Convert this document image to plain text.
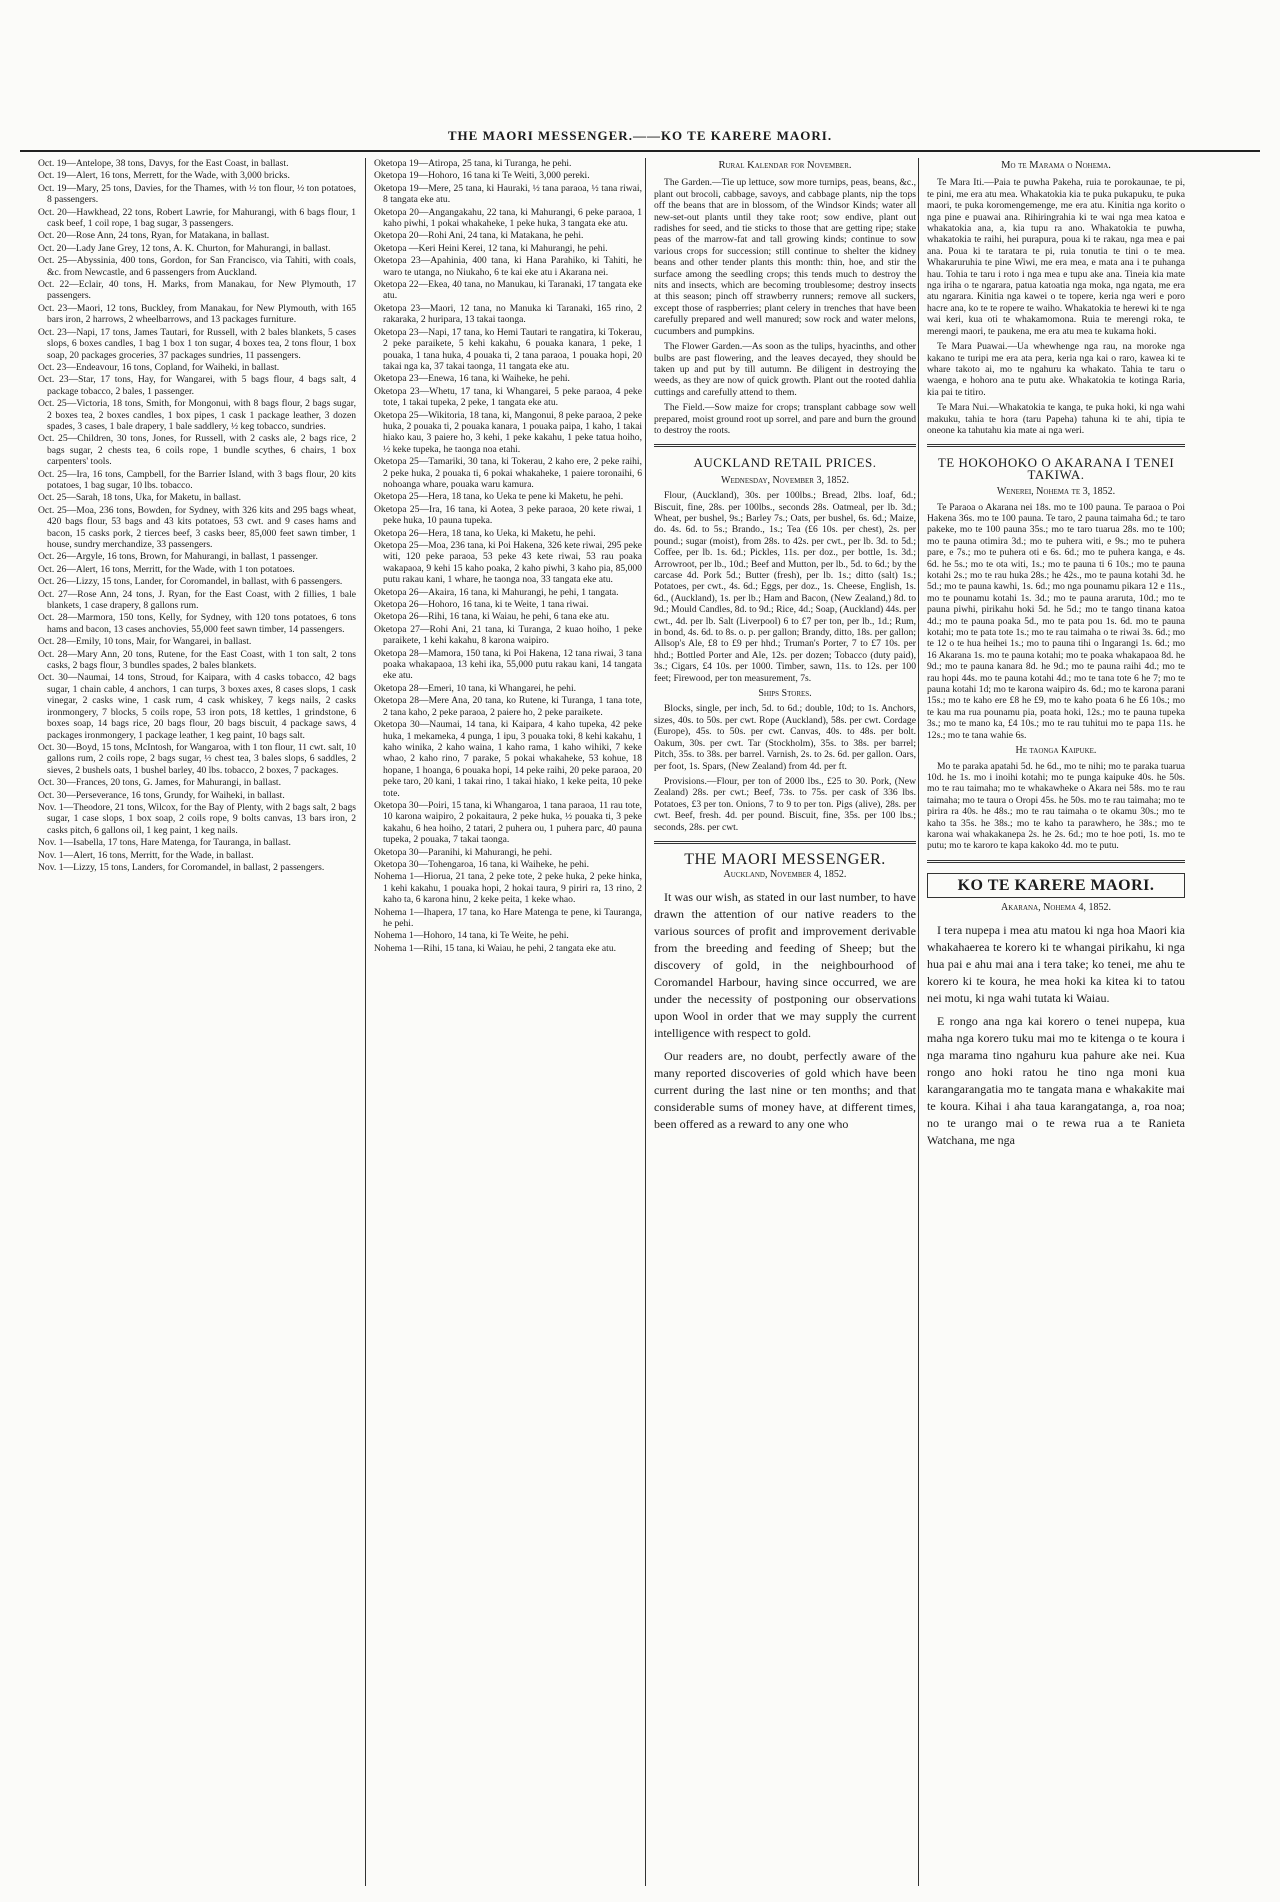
THE MAORI MESSENGER.——KO TE KARERE MAORI.

Oct. 19—Antelope, 38 tons, Davys, for the East Coast, in ballast.

Oct. 19—Alert, 16 tons, Merrett, for the Wade, with 3,000 bricks.

Oct. 19—Mary, 25 tons, Davies, for the Thames, with ½ ton flour, ½ ton potatoes, 8 passengers.

Oct. 20—Hawkhead, 22 tons, Robert Lawrie, for Mahurangi, with 6 bags flour, 1 cask beef, 1 coil rope, 1 bag sugar, 3 passengers.

Oct. 20—Rose Ann, 24 tons, Ryan, for Matakana, in ballast.

Oct. 20—Lady Jane Grey, 12 tons, A. K. Churton, for Mahurangi, in ballast.

Oct. 25—Abyssinia, 400 tons, Gordon, for San Francisco, via Tahiti, with coals, &c. from Newcastle, and 6 passengers from Auckland.

Oct. 22—Eclair, 40 tons, H. Marks, from Manakau, for New Plymouth, 17 passengers.

Oct. 23—Maori, 12 tons, Buckley, from Manakau, for New Plymouth, with 165 bars iron, 2 harrows, 2 wheelbarrows, and 13 packages furniture.

Oct. 23—Napi, 17 tons, James Tautari, for Russell, with 2 bales blankets, 5 cases slops, 6 boxes candles, 1 bag 1 box 1 ton sugar, 4 boxes tea, 2 tons flour, 1 box soap, 20 packages groceries, 37 packages sundries, 11 passengers.

Oct. 23—Endeavour, 16 tons, Copland, for Waiheki, in ballast.

Oct. 23—Star, 17 tons, Hay, for Wangarei, with 5 bags flour, 4 bags salt, 4 package tobacco, 2 bales, 1 passenger.

Oct. 25—Victoria, 18 tons, Smith, for Mongonui, with 8 bags flour, 2 bags sugar, 2 boxes tea, 2 boxes candles, 1 box pipes, 1 cask 1 package leather, 3 dozen spades, 3 cases, 1 bale drapery, 1 bale saddlery, ½ keg tobacco, sundries.

Oct. 25—Children, 30 tons, Jones, for Russell, with 2 casks ale, 2 bags rice, 2 bags sugar, 2 chests tea, 6 coils rope, 1 bundle scythes, 6 chairs, 1 box carpenters' tools.

Oct. 25—Ira, 16 tons, Campbell, for the Barrier Island, with 3 bags flour, 20 kits potatoes, 1 bag sugar, 10 lbs. tobacco.

Oct. 25—Sarah, 18 tons, Uka, for Maketu, in ballast.

Oct. 25—Moa, 236 tons, Bowden, for Sydney, with 326 kits and 295 bags wheat, 420 bags flour, 53 bags and 43 kits potatoes, 53 cwt. and 9 cases hams and bacon, 15 casks pork, 2 tierces beef, 3 casks beer, 85,000 feet sawn timber, 1 house, sundry merchandize, 33 passengers.

Oct. 26—Argyle, 16 tons, Brown, for Mahurangi, in ballast, 1 passenger.

Oct. 26—Alert, 16 tons, Merritt, for the Wade, with 1 ton potatoes.

Oct. 26—Lizzy, 15 tons, Lander, for Coromandel, in ballast, with 6 passengers.

Oct. 27—Rose Ann, 24 tons, J. Ryan, for the East Coast, with 2 fillies, 1 bale blankets, 1 case drapery, 8 gallons rum.

Oct. 28—Marmora, 150 tons, Kelly, for Sydney, with 120 tons potatoes, 6 tons hams and bacon, 13 cases anchovies, 55,000 feet sawn timber, 14 passengers.

Oct. 28—Emily, 10 tons, Mair, for Wangarei, in ballast.

Oct. 28—Mary Ann, 20 tons, Rutene, for the East Coast, with 1 ton salt, 2 tons casks, 2 bags flour, 3 bundles spades, 2 bales blankets.

Oct. 30—Naumai, 14 tons, Stroud, for Kaipara, with 4 casks tobacco, 42 bags sugar, 1 chain cable, 4 anchors, 1 can turps, 3 boxes axes, 8 cases slops, 1 cask vinegar, 2 casks wine, 1 cask rum, 4 cask whiskey, 7 kegs nails, 2 casks ironmongery, 7 blocks, 5 coils rope, 53 iron pots, 18 kettles, 1 grindstone, 6 boxes soap, 14 bags rice, 20 bags flour, 20 bags biscuit, 4 package saws, 4 packages ironmongery, 1 package leather, 1 keg paint, 10 bags salt.

Oct. 30—Boyd, 15 tons, McIntosh, for Wangaroa, with 1 ton flour, 11 cwt. salt, 10 gallons rum, 2 coils rope, 2 bags sugar, ½ chest tea, 3 bales slops, 6 saddles, 2 sieves, 2 bushels oats, 1 bushel barley, 40 lbs. tobacco, 2 boxes, 7 packages.

Oct. 30—Frances, 20 tons, G. James, for Mahurangi, in ballast.

Oct. 30—Perseverance, 16 tons, Grundy, for Waiheki, in ballast.

Nov. 1—Theodore, 21 tons, Wilcox, for the Bay of Plenty, with 2 bags salt, 2 bags sugar, 1 case slops, 1 box soap, 2 coils rope, 9 bolts canvas, 13 bars iron, 2 casks pitch, 6 gallons oil, 1 keg paint, 1 keg nails.

Nov. 1—Isabella, 17 tons, Hare Matenga, for Tauranga, in ballast.

Nov. 1—Alert, 16 tons, Merritt, for the Wade, in ballast.

Nov. 1—Lizzy, 15 tons, Landers, for Coromandel, in ballast, 2 passengers.

Oketopa 19—Atiropa, 25 tana, ki Turanga, he pehi.

Oketopa 19—Hohoro, 16 tana ki Te Weiti, 3,000 pereki.

Oketopa 19—Mere, 25 tana, ki Hauraki, ½ tana paraoa, ½ tana riwai, 8 tangata eke atu.

Oketopa 20—Angangakahu, 22 tana, ki Mahurangi, 6 peke paraoa, 1 kaho piwhi, 1 pokai whakaheke, 1 peke huka, 3 tangata eke atu.

Oketopa 20—Rohi Ani, 24 tana, ki Matakana, he pehi.

Oketopa —Keri Heini Kerei, 12 tana, ki Mahurangi, he pehi.

Oketopa 23—Apahinia, 400 tana, ki Hana Parahiko, ki Tahiti, he waro te utanga, no Niukaho, 6 te kai eke atu i Akarana nei.

Oketopa 22—Ekea, 40 tana, no Manukau, ki Taranaki, 17 tangata eke atu.

Oketopa 23—Maori, 12 tana, no Manuka ki Taranaki, 165 rino, 2 rakaraka, 2 huripara, 13 takai taonga.

Oketopa 23—Napi, 17 tana, ko Hemi Tautari te rangatira, ki Tokerau, 2 peke paraikete, 5 kehi kakahu, 6 pouaka kanara, 1 peke, 1 pouaka, 1 tana huka, 4 pouaka ti, 2 tana paraoa, 1 pouaka hopi, 20 takai nga ka, 37 takai taonga, 11 tangata eke atu.

Oketopa 23—Enewa, 16 tana, ki Waiheke, he pehi.

Oketopa 23—Whetu, 17 tana, ki Whangarei, 5 peke paraoa, 4 peke tote, 1 takai tupeka, 2 peke, 1 tangata eke atu.

Oketopa 25—Wikitoria, 18 tana, ki, Mangonui, 8 peke paraoa, 2 peke huka, 2 pouaka ti, 2 pouaka kanara, 1 pouaka paipa, 1 kaho, 1 takai hiako kau, 3 paiere ho, 3 kehi, 1 peke kakahu, 1 peke tatua hoiho, ½ keke tupeka, he taonga noa etahi.

Oketopa 25—Tamariki, 30 tana, ki Tokerau, 2 kaho ere, 2 peke raihi, 2 peke huka, 2 pouaka ti, 6 pokai whakaheke, 1 paiere toronaihi, 6 nohoanga whare, pouaka waru kamura.

Oketopa 25—Hera, 18 tana, ko Ueka te pene ki Maketu, he pehi.

Oketopa 25—Ira, 16 tana, ki Aotea, 3 peke paraoa, 20 kete riwai, 1 peke huka, 10 pauna tupeka.

Oketopa 26—Hera, 18 tana, ko Ueka, ki Maketu, he pehi.

Oketopa 25—Moa, 236 tana, ki Poi Hakena, 326 kete riwai, 295 peke witi, 120 peke paraoa, 53 peke 43 kete riwai, 53 rau poaka wakapaoa, 9 kehi 15 kaho poaka, 2 kaho piwhi, 3 kaho pia, 85,000 putu rakau kani, 1 whare, he taonga noa, 33 tangata eke atu.

Oketopa 26—Akaira, 16 tana, ki Mahurangi, he pehi, 1 tangata.

Oketopa 26—Hohoro, 16 tana, ki te Weite, 1 tana riwai.

Oketopa 26—Rihi, 16 tana, ki Waiau, he pehi, 6 tana eke atu.

Oketopa 27—Rohi Ani, 21 tana, ki Turanga, 2 kuao hoiho, 1 peke paraikete, 1 kehi kakahu, 8 karona waipiro.

Oketopa 28—Mamora, 150 tana, ki Poi Hakena, 12 tana riwai, 3 tana poaka whakapaoa, 13 kehi ika, 55,000 putu rakau kani, 14 tangata eke atu.

Oketopa 28—Emeri, 10 tana, ki Whangarei, he pehi.

Oketopa 28—Mere Ana, 20 tana, ko Rutene, ki Turanga, 1 tana tote, 2 tana kaho, 2 peke paraoa, 2 paiere ho, 2 peke paraikete.

Oketopa 30—Naumai, 14 tana, ki Kaipara, 4 kaho tupeka, 42 peke huka, 1 mekameka, 4 punga, 1 ipu, 3 pouaka toki, 8 kehi kakahu, 1 kaho winika, 2 kaho waina, 1 kaho rama, 1 kaho wihiki, 7 keke whao, 2 kaho rino, 7 parake, 5 pokai whakaheke, 53 kohue, 18 hopane, 1 hoanga, 6 pouaka hopi, 14 peke raihi, 20 peke paraoa, 20 peke taro, 20 kani, 1 takai rino, 1 takai hiako, 1 keke peita, 10 peke tote.

Oketopa 30—Poiri, 15 tana, ki Whangaroa, 1 tana paraoa, 11 rau tote, 10 karona waipiro, 2 pokaitaura, 2 peke huka, ½ pouaka ti, 3 peke kakahu, 6 hea hoiho, 2 tatari, 2 puhera ou, 1 puhera parc, 40 pauna tupeka, 2 pouaka, 7 takai taonga.

Oketopa 30—Paranihi, ki Mahurangi, he pehi.

Oketopa 30—Tohengaroa, 16 tana, ki Waiheke, he pehi.

Nohema 1—Hiorua, 21 tana, 2 peke tote, 2 peke huka, 2 peke hinka, 1 kehi kakahu, 1 pouaka hopi, 2 hokai taura, 9 piriri ra, 13 rino, 2 kaho ta, 6 karona hinu, 2 keke peita, 1 keke whao.

Nohema 1—Ihapera, 17 tana, ko Hare Matenga te pene, ki Tauranga, he pehi.

Nohema 1—Hohoro, 14 tana, ki Te Weite, he pehi.

Nohema 1—Rihi, 15 tana, ki Waiau, he pehi, 2 tangata eke atu.

Rural Kalendar for November.

The Garden.—Tie up lettuce, sow more turnips, peas, beans, &c., plant out brocoli, cabbage, savoys, and cabbage plants, nip the tops off the beans that are in blossom, of the Windsor Kinds; water all new-set-out plants until they take root; sow endive, plant out radishes for seed, and tie sticks to those that are getting ripe; stake peas of the marrow-fat and tall growing kinds; continue to sow various crops for succession; still continue to shelter the kidney beans and other tender plants this month: thin, hoe, and stir the surface among the seedling crops; this tends much to destroy the nits and insects, which are becoming troublesome; destroy insects at this season; pinch off strawberry runners; remove all suckers, except those of raspberries; plant celery in trenches that have been carefully prepared and well manured; sow rock and water melons, cucumbers and pumpkins.

The Flower Garden.—As soon as the tulips, hyacinths, and other bulbs are past flowering, and the leaves decayed, they should be taken up and put by till autumn. Be diligent in destroying the weeds, as they are now of quick growth. Plant out the rooted dahlia cuttings and carefully attend to them.

The Field.—Sow maize for crops; transplant cabbage sow well prepared, moist ground root up sorrel, and pare and burn the ground to destroy the roots.

AUCKLAND RETAIL PRICES.
Wednesday, November 3, 1852.

Flour, (Auckland), 30s. per 100lbs.; Bread, 2lbs. loaf, 6d.; Biscuit, fine, 28s. per 100lbs., seconds 28s. Oatmeal, per lb. 3d.; Wheat, per bushel, 9s.; Barley 7s.; Oats, per bushel, 6s. 6d.; Maize, do. 4s. 6d. to 5s.; Brando., 1s.; Tea (£6 10s. per chest), 2s. per pound.; sugar (moist), from 28s. to 42s. per cwt., per lb. 3d. to 5d.; Coffee, per lb. 1s. 6d.; Pickles, 11s. per doz., per bottle, 1s. 3d.; Arrowroot, per lb., 10d.; Beef and Mutton, per lb., 5d. to 6d.; by the carcase 4d. Pork 5d.; Butter (fresh), per lb. 1s.; ditto (salt) 1s.; Potatoes, per cwt., 4s. 6d.; Eggs, per doz., 1s. Cheese, English, 1s. 6d., (Auckland), 1s. per lb.; Ham and Bacon, (New Zealand,) 8d. to 9d.; Mould Candles, 8d. to 9d.; Rice, 4d.; Soap, (Auckland) 44s. per cwt., 4d. per lb. Salt (Liverpool) 6 to £7 per ton, per lb., 1d.; Rum, in bond, 4s. 6d. to 8s. o. p. per gallon; Brandy, ditto, 18s. per gallon; Allsop's Ale, £8 to £9 per hhd.; Truman's Porter, 7 to £7 10s. per hhd.; Bottled Porter and Ale, 12s. per dozen; Tobacco (duty paid), 3s.; Cigars, £4 10s. per 1000. Timber, sawn, 11s. to 12s. per 100 feet; Firewood, per ton measurement, 7s.

Ships Stores.

Blocks, single, per inch, 5d. to 6d.; double, 10d; to 1s. Anchors, sizes, 40s. to 50s. per cwt. Rope (Auckland), 58s. per cwt. Cordage (Europe), 45s. to 50s. per cwt. Canvas, 40s. to 48s. per bolt. Oakum, 30s. per cwt. Tar (Stockholm), 35s. to 38s. per barrel; Pitch, 35s. to 38s. per barrel. Varnish, 2s. to 2s. 6d. per gallon. Oars, per foot, 1s. Spars, (New Zealand) from 4d. per ft.

Provisions.—Flour, per ton of 2000 lbs., £25 to 30. Pork, (New Zealand) 28s. per cwt.; Beef, 73s. to 75s. per cask of 336 lbs. Potatoes, £3 per ton. Onions, 7 to 9 to per ton. Pigs (alive), 28s. per cwt. Beef, fresh. 4d. per pound. Biscuit, fine, 35s. per 100 lbs.; seconds, 28s. per cwt.

THE MAORI MESSENGER.
Auckland, November 4, 1852.

It was our wish, as stated in our last number, to have drawn the attention of our native readers to the various sources of profit and improvement derivable from the breeding and feeding of Sheep; but the discovery of gold, in the neighbourhood of Coromandel Harbour, having since occurred, we are under the necessity of postponing our observations upon Wool in order that we may supply the current intelligence with respect to gold.

Our readers are, no doubt, perfectly aware of the many reported discoveries of gold which have been current during the last nine or ten months; and that considerable sums of money have, at different times, been offered as a reward to any one who

Mo te Marama o Nohema.

Te Mara Iti.—Paia te puwha Pakeha, ruia te porokaunae, te pi, te pini, me era atu mea. Whakatokia kia te puka pukapuku, te puka maori, te puka koromengemenge, me era atu. Kinitia nga korito o nga pine e puawai ana. Rihiringrahia ki te wai nga mea katoa e whakatokia ana, a, kia tupu ra ano. Whakatokia te puwha, whakatokia te raihi, hei purapura, poua ki te rakau, nga mea e pai ana. Poua ki te taratara te pi, ruia tonutia te tini o te mea. Whakaruruhia te pine Wiwi, me era mea, e mata ana i te puhanga hau. Tohia te taru i roto i nga mea e tupu ake ana. Tineia kia mate nga iriha o te ngarara, patua katoatia nga moka, nga ngata, me era atu ngarara. Kinitia nga kawei o te topere, keria nga weri e poro hacre ana, ko te te ropere te waiho. Whakatokia te herewi ki te nga wai keri, kua oti te whakamomona. Ruia te merengi roka, te merengi maori, te paukena, me era atu mea te kukama hoki.

Te Mara Puawai.—Ua whewhenge nga rau, na moroke nga kakano te turipi me era ata pera, keria nga kai o raro, kawea ki te whare takoto ai, mo te ngahuru ka whakato. Tahia te taru o waenga, e hohoro ana te putu ake. Whakatokia te kotinga Raria, kia pai te titiro.

Te Mara Nui.—Whakatokia te kanga, te puka hoki, ki nga wahi makuku, tahia te hora (taru Papeha) tahuna ki te ahi, tipia te oneone ka tahutahu kia mate ai nga weri.

TE HOKOHOKO O AKARANA I TENEI TAKIWA.
Wenerei, Nohema te 3, 1852.

Te Paraoa o Akarana nei 18s. mo te 100 pauna. Te paraoa o Poi Hakena 36s. mo te 100 pauna. Te taro, 2 pauna taimaha 6d.; te taro pakeke, mo te 100 pauna 35s.; mo te taro tuarua 28s. mo te 100; mo te pauna otimira 3d.; mo te puhera witi, e 9s.; mo te puhera pare, e 7s.; mo te puhera oti e 6s. 6d.; mo te puhera kanga, e 4s. 6d. he 5s.; mo te ota witi, 1s.; mo te pauna ti 6 10s.; mo te pauna kotahi 2s.; mo te rau huka 28s.; he 42s., mo te pauna kotahi 3d. he 5d.; mo te pauna kawhi, 1s. 6d.; mo nga pounamu pikara 12 e 11s., mo te pounamu kotahi 1s. 3d.; mo te pauna araruta, 10d.; mo te pauna piwhi, pirikahu hoki 5d. he 5d.; mo te tango tinana katoa 4d.; mo te pauna poaka 5d., mo te pata pou 1s. 6d. mo te pauna kotahi; mo te pata tote 1s.; mo te rau taimaha o te riwai 3s. 6d.; mo te 12 o te hua heihei 1s.; mo to pauna tihi o Ingarangi 1s. 6d.; mo 16 Akarana 1s. mo te pauna kotahi; mo te poaka whakapaoa 8d. he 9d.; mo te pauna kanara 8d. he 9d.; mo te pauna raihi 4d.; mo te rau hopi 44s. mo te pauna kotahi 4d.; mo te tana tote 6 he 7; mo te pauna kotahi 1d; mo te karona waipiro 4s. 6d.; mo te karona parani 15s.; mo te kaho ere £8 he £9, mo te kaho poata 6 he £6 10s.; mo te kau ma rua pounamu pia, poata hoki, 12s.; mo te pauna tupeka 3s.; mo te mano ka, £4 10s.; mo te rau tuhitui mo te papa 11s. he 12s.; mo te tana wahie 6s.

He taonga Kaipuke.

Mo te paraka apatahi 5d. he 6d., mo te nihi; mo te paraka tuarua 10d. he 1s. mo i inoihi kotahi; mo te punga kaipuke 40s. he 50s. mo te rau taimaha; mo te whakawheke o Akara nei 58s. mo te rau taimaha; mo te taura o Oropi 45s. he 50s. mo te rau taimaha; mo te pirira ra 40s. he 48s.; mo te rau taimaha o te okamu 30s.; mo te kaho ta 35s. he 38s.; mo te kaho ta parawhero, he 38s.; mo te karona wai whakakanepa 2s. he 2s. 6d.; mo te hoe poti, 1s. mo te putu; mo te karoro te kapa kakoko 4d. mo te putu.

KO TE KARERE MAORI.
Akarana, Nohema 4, 1852.

I tera nupepa i mea atu matou ki nga hoa Maori kia whakahaerea te korero ki te whangai pirikahu, ki nga hua pai e ahu mai ana i tera take; ko tenei, me ahu te korero ki te koura, he mea hoki ka kitea ki to tatou nei motu, ki nga wahi tutata ki Waiau.

E rongo ana nga kai korero o tenei nupepa, kua maha nga korero tuku mai mo te kitenga o te koura i nga marama tino ngahuru kua pahure ake nei. Kua rongo ano hoki ratou he tino nga moni kua karangarangatia mo te tangata mana e whakakite mai te koura. Kihai i aha taua karangatanga, a, roa noa; no te urango mai o te rewa rua a te Ranieta Watchana, me nga
